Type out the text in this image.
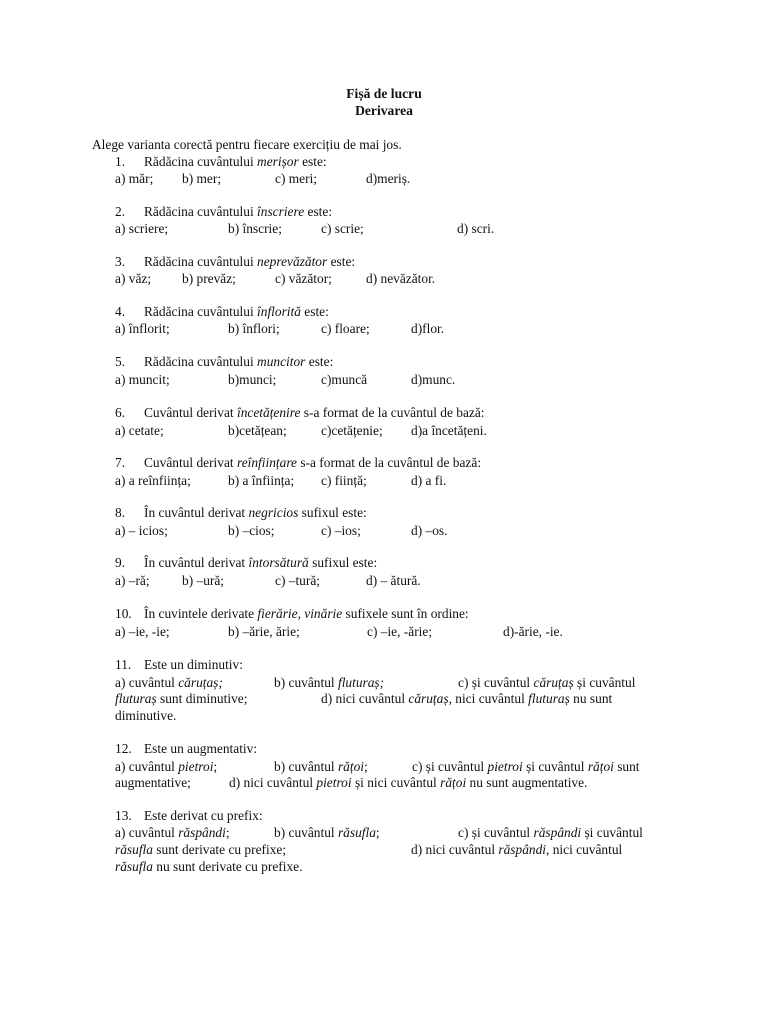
Fișă de lucru
Derivarea
Alege varianta corectă pentru fiecare exercițiu de mai jos.
1. Rădăcina cuvântului merișor este:
a) măr; b) mer;	c) meri;	d)meriș.
2. Rădăcina cuvântului înscriere este:
a) scriere;	b) înscrie;	c) scrie;	d) scri.
3. Rădăcina cuvântului neprevăzător este:
a) văz; b) prevăz;	c) văzător;	d) nevăzător.
4. Rădăcina cuvântului înflorită este:
a) înflorit;	b) înflori;	c) floare;	d)flor.
5. Rădăcina cuvântului muncitor este:
a) muncit;	b)munci;	c)muncă	d)munc.
6. Cuvântul derivat încetățenire s-a format de la cuvântul de bază:
a) cetate;	b)cetățean;	c)cetățenie; d)a încetățeni.
7. Cuvântul derivat reînființare s-a format de la cuvântul de bază:
a) a reînființa;	b) a înființa; c) ființă;	d) a fi.
8. În cuvântul derivat negricios sufixul este:
a) – icios;	b) –cios;	c) –ios;	d) –os.
9. În cuvântul derivat întorsătură sufixul este:
a) –ră; b) –ură;	c) –tură;	d) – ătură.
10. În cuvintele derivate fierărie, vinărie sufixele sunt în ordine:
a) –ie, -ie;	b) –ărie, ărie;	c) –ie, -ărie;	d)-ărie, -ie.
11. Este un diminutiv:
a) cuvântul căruțaș;	b) cuvântul fluturaș;	c) și cuvântul căruțaș și cuvântul
fluturaș sunt diminutive;	d) nici cuvântul căruțaș, nici cuvântul fluturaș nu sunt
diminutive.
12. Este un augmentativ:
a) cuvântul pietroi;	b) cuvântul rățoi;	c) și cuvântul pietroi și cuvântul rățoi sunt
augmentative;	d) nici cuvântul pietroi și nici cuvântul rățoi nu sunt augmentative.
13. Este derivat cu prefix:
a) cuvântul răspândi;	b) cuvântul răsufla;	c) și cuvântul răspândi și cuvântul
răsufla sunt derivate cu prefixe;	d) nici cuvântul răspândi, nici cuvântul
răsufla nu sunt derivate cu prefixe.
